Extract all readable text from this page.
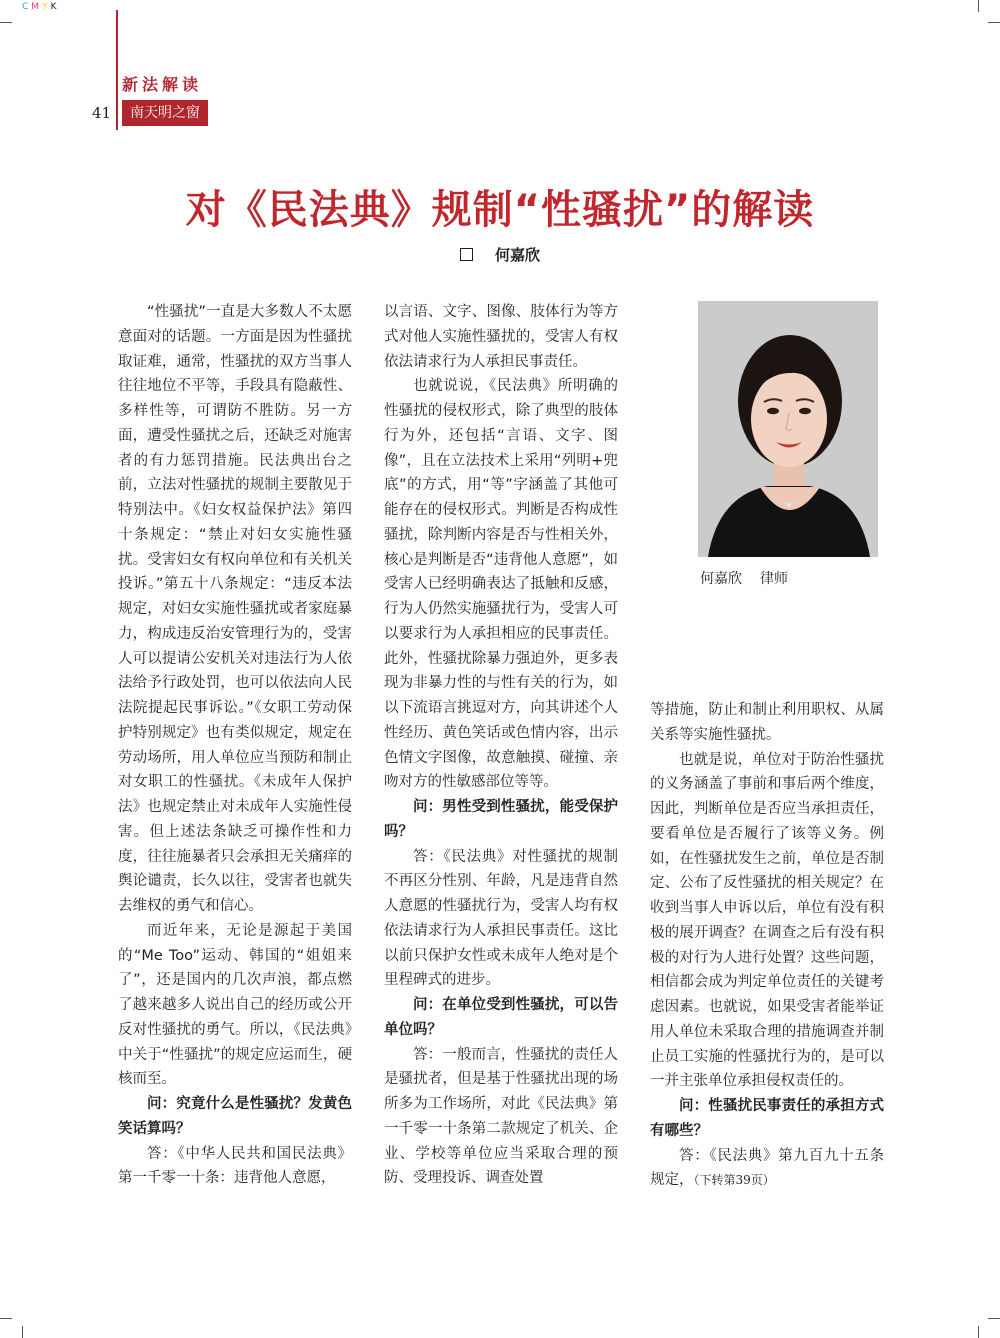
CMYK
新法解读
41	南天明之窗
对《民法典》规制“性骚扰”的解读
何嘉欣

“性骚扰”一直是大多数人不太愿意面对的话题。一方面是因为性骚扰取证难，通常，性骚扰的双方当事人往往地位不平等，手段具有隐蔽性、多样性等，可谓防不胜防。另一方面，遭受性骚扰之后，还缺乏对施害者的有力惩罚措施。民法典出台之前，立法对性骚扰的规制主要散见于特别法中。《妇女权益保护法》第四十条规定：“禁止对妇女实施性骚扰。受害妇女有权向单位和有关机关投诉。”第五十八条规定：“违反本法规定，对妇女实施性骚扰或者家庭暴力，构成违反治安管理行为的，受害人可以提请公安机关对违法行为人依法给予行政处罚，也可以依法向人民法院提起民事诉讼。”《女职工劳动保护特别规定》也有类似规定，规定在劳动场所，用人单位应当预防和制止对女职工的性骚扰。《未成年人保护法》也规定禁止对未成年人实施性侵害。但上述法条缺乏可操作性和力度，往往施暴者只会承担无关痛痒的舆论谴责，长久以往，受害者也就失去维权的勇气和信心。

而近年来，无论是源起于美国的“Me Too”运动、韩国的“姐姐来了”，还是国内的几次声浪，都点燃了越来越多人说出自己的经历或公开反对性骚扰的勇气。所以，《民法典》中关于“性骚扰”的规定应运而生，硬核而至。

问：究竟什么是性骚扰？发黄色笑话算吗？

答：《中华人民共和国民法典》第一千零一十条：违背他人意愿，

以言语、文字、图像、肢体行为等方式对他人实施性骚扰的，受害人有权依法请求行为人承担民事责任。

也就说说，《民法典》所明确的性骚扰的侵权形式，除了典型的肢体行为外，还包括“言语、文字、图像”，且在立法技术上采用“列明+兜底”的方式，用“等”字涵盖了其他可能存在的侵权形式。判断是否构成性骚扰，除判断内容是否与性相关外，核心是判断是否“违背他人意愿”，如受害人已经明确表达了抵触和反感，行为人仍然实施骚扰行为，受害人可以要求行为人承担相应的民事责任。此外，性骚扰除暴力强迫外，更多表现为非暴力性的与性有关的行为，如以下流语言挑逗对方，向其讲述个人性经历、黄色笑话或色情内容，出示色情文字图像，故意触摸、碰撞、亲吻对方的性敏感部位等等。

问：男性受到性骚扰，能受保护吗？

答：《民法典》对性骚扰的规制不再区分性别、年龄，凡是违背自然人意愿的性骚扰行为，受害人均有权依法请求行为人承担民事责任。这比以前只保护女性或未成年人绝对是个里程碑式的进步。

问：在单位受到性骚扰，可以告单位吗？

答：一般而言，性骚扰的责任人是骚扰者，但是基于性骚扰出现的场所多为工作场所，对此《民法典》第一千零一十条第二款规定了机关、企业、学校等单位应当采取合理的预防、受理投诉、调查处置

何嘉欣 律师

等措施，防止和制止利用职权、从属关系等实施性骚扰。

也就是说，单位对于防治性骚扰的义务涵盖了事前和事后两个维度，因此，判断单位是否应当承担责任，要看单位是否履行了该等义务。例如，在性骚扰发生之前，单位是否制定、公布了反性骚扰的相关规定？在收到当事人申诉以后，单位有没有积极的展开调查？在调查之后有没有积极的对行为人进行处置？这些问题，相信都会成为判定单位责任的关键考虑因素。也就说，如果受害者能举证用人单位未采取合理的措施调查并制止员工实施的性骚扰行为的，是可以一并主张单位承担侵权责任的。

问：性骚扰民事责任的承担方式有哪些？

答：《民法典》第九百九十五条规定，（下转第39页）
